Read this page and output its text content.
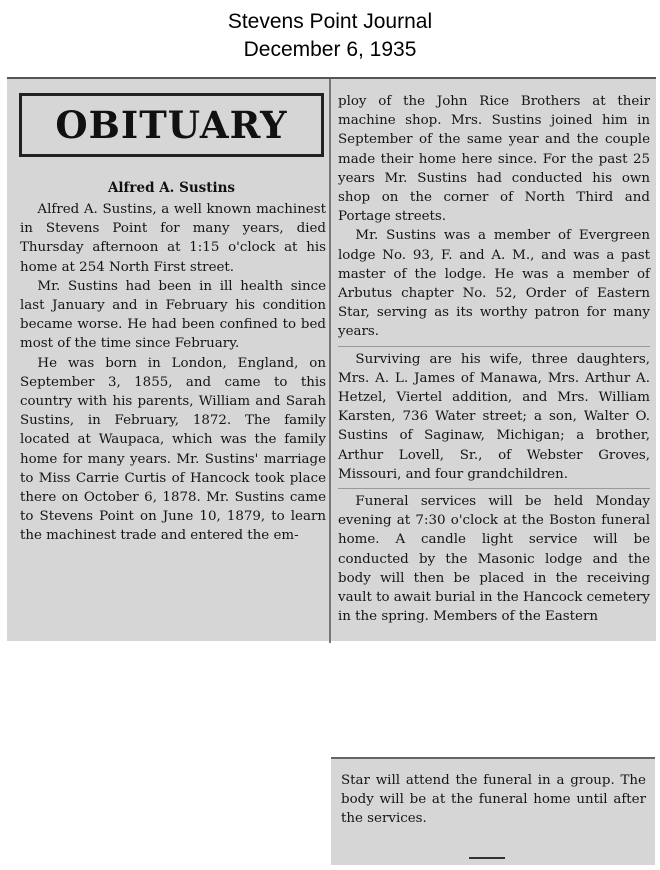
Stevens Point Journal
December 6, 1935
OBITUARY
Alfred A. Sustins

Alfred A. Sustins, a well known machinest in Stevens Point for many years, died Thursday afternoon at 1:15 o'clock at his home at 254 North First street.

Mr. Sustins had been in ill health since last January and in February his condition became worse. He had been confined to bed most of the time since February.

He was born in London, England, on September 3, 1855, and came to this country with his parents, William and Sarah Sustins, in February, 1872. The family located at Waupaca, which was the family home for many years. Mr. Sustins' marriage to Miss Carrie Curtis of Hancock took place there on October 6, 1878. Mr. Sustins came to Stevens Point on June 10, 1879, to learn the machinest trade and entered the em-

ploy of the John Rice Brothers at their machine shop. Mrs. Sustins joined him in September of the same year and the couple made their home here since. For the past 25 years Mr. Sustins had conducted his own shop on the corner of North Third and Portage streets.

Mr. Sustins was a member of Evergreen lodge No. 93, F. and A. M., and was a past master of the lodge. He was a member of Arbutus chapter No. 52, Order of Eastern Star, serving as its worthy patron for many years.

Surviving are his wife, three daughters, Mrs. A. L. James of Manawa, Mrs. Arthur A. Hetzel, Viertel addition, and Mrs. William Karsten, 736 Water street; a son, Walter O. Sustins of Saginaw, Michigan; a brother, Arthur Lovell, Sr., of Webster Groves, Missouri, and four grandchildren.

Funeral services will be held Monday evening at 7:30 o'clock at the Boston funeral home. A candle light service will be conducted by the Masonic lodge and the body will then be placed in the receiving vault to await burial in the Hancock cemetery in the spring. Members of the Eastern

Star will attend the funeral in a group. The body will be at the funeral home until after the services.
